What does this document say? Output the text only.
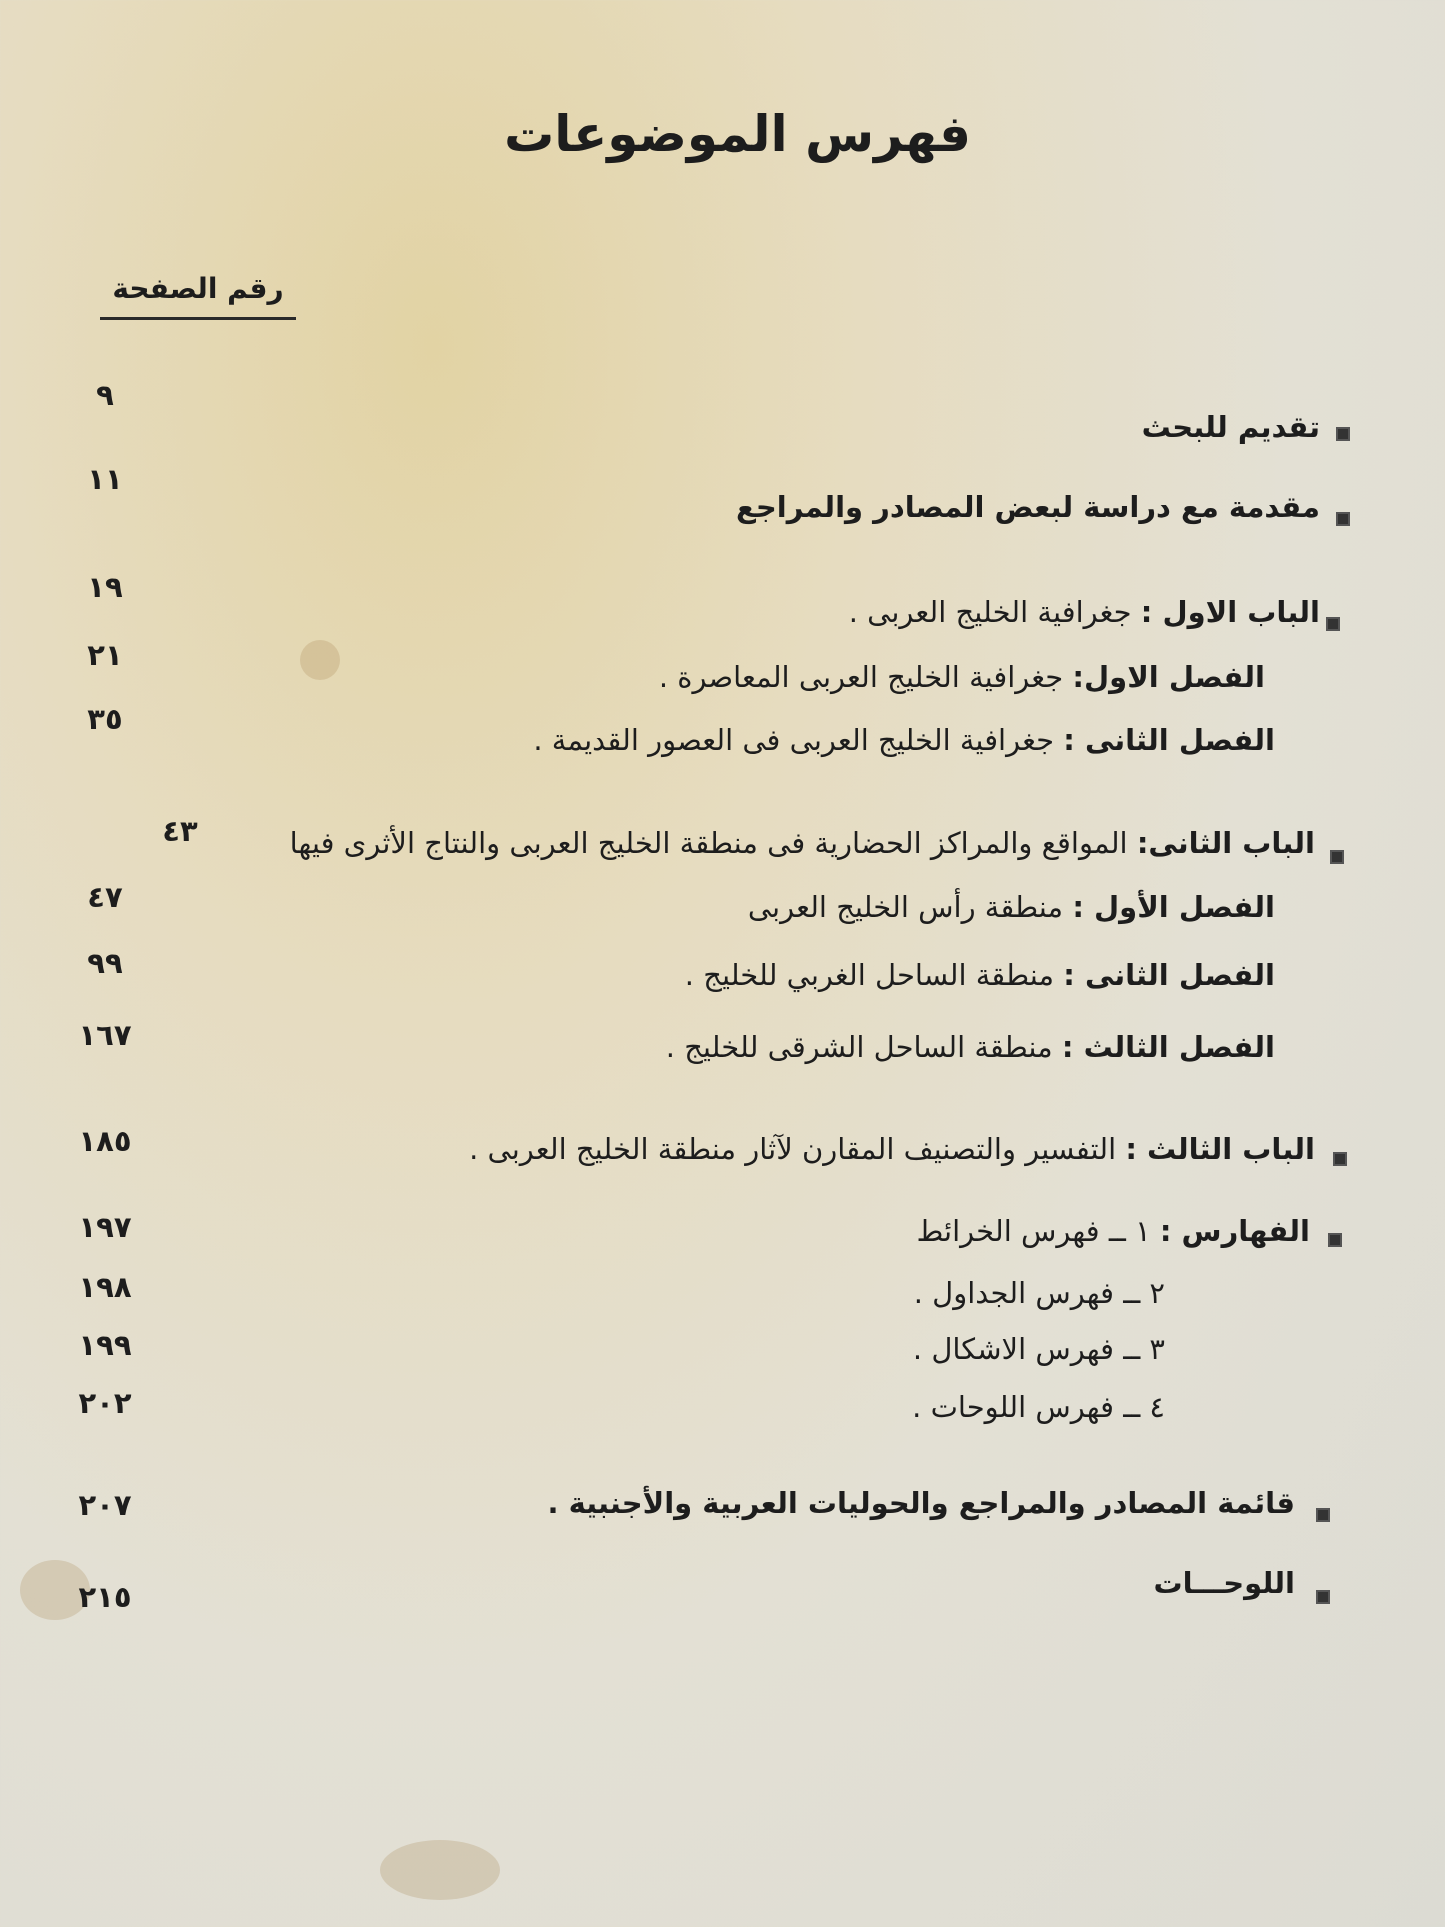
فهرس الموضوعات
رقم الصفحة
تقديم للبحث
٩
مقدمة مع دراسة لبعض المصادر والمراجع
١١
الباب الاول : جغرافية الخليج العربى .
١٩
الفصل الاول: جغرافية الخليج العربى المعاصرة .
٢١
الفصل الثانى : جغرافية الخليج العربى فى العصور القديمة .
٣٥
الباب الثانى: المواقع والمراكز الحضارية فى منطقة الخليج العربى والنتاج الأثرى فيها
٤٣
الفصل الأول : منطقة رأس الخليج العربى
٤٧
الفصل الثانى : منطقة الساحل الغربي للخليج .
٩٩
الفصل الثالث : منطقة الساحل الشرقى للخليج .
١٦٧
الباب الثالث : التفسير والتصنيف المقارن لآثار منطقة الخليج العربى .
١٨٥
الفهارس : ١ ــ فهرس الخرائط
١٩٧
٢ ــ فهرس الجداول .
١٩٨
٣ ــ فهرس الاشكال .
١٩٩
٤ ــ فهرس اللوحات .
٢٠٢
قائمة المصادر والمراجع والحوليات العربية والأجنبية .
٢٠٧
اللوحـــات
٢١٥
